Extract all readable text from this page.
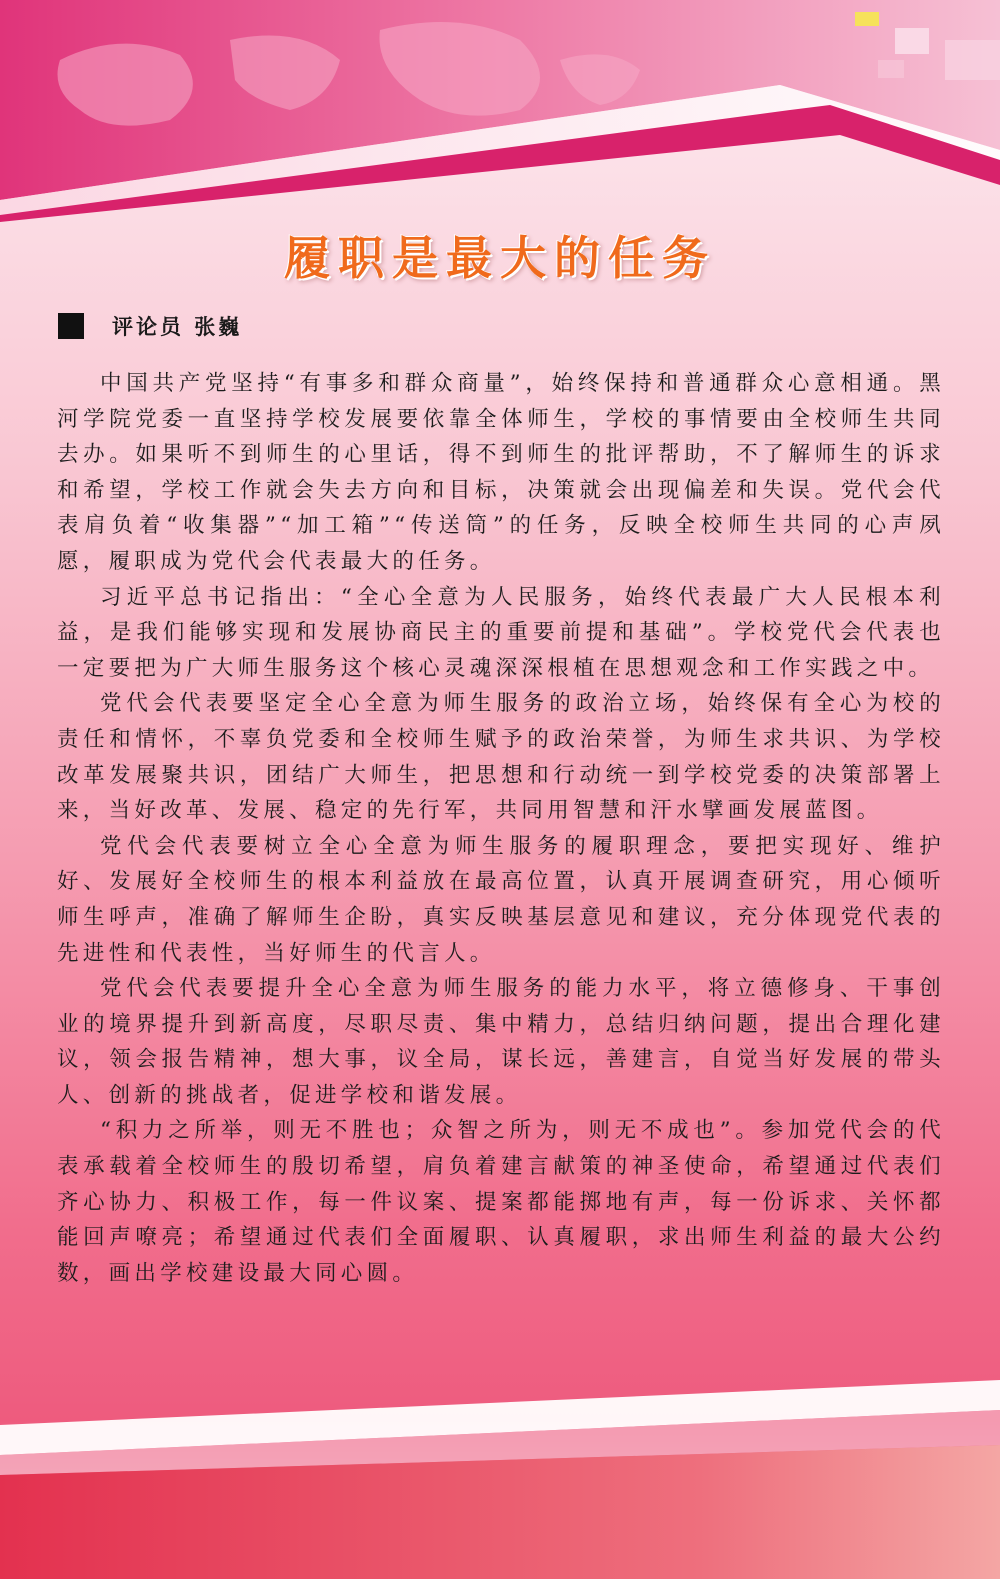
履职是最大的任务
评论员 张巍

中国共产党坚持“有事多和群众商量”，始终保持和普通群众心意相通。黑河学院党委一直坚持学校发展要依靠全体师生，学校的事情要由全校师生共同去办。如果听不到师生的心里话，得不到师生的批评帮助，不了解师生的诉求和希望，学校工作就会失去方向和目标，决策就会出现偏差和失误。党代会代表肩负着“收集器”“加工箱”“传送筒”的任务，反映全校师生共同的心声夙愿，履职成为党代会代表最大的任务。

习近平总书记指出：“全心全意为人民服务，始终代表最广大人民根本利益，是我们能够实现和发展协商民主的重要前提和基础”。学校党代会代表也一定要把为广大师生服务这个核心灵魂深深根植在思想观念和工作实践之中。

党代会代表要坚定全心全意为师生服务的政治立场，始终保有全心为校的责任和情怀，不辜负党委和全校师生赋予的政治荣誉，为师生求共识、为学校改革发展聚共识，团结广大师生，把思想和行动统一到学校党委的决策部署上来，当好改革、发展、稳定的先行军，共同用智慧和汗水擘画发展蓝图。

党代会代表要树立全心全意为师生服务的履职理念，要把实现好、维护好、发展好全校师生的根本利益放在最高位置，认真开展调查研究，用心倾听师生呼声，准确了解师生企盼，真实反映基层意见和建议，充分体现党代表的先进性和代表性，当好师生的代言人。

党代会代表要提升全心全意为师生服务的能力水平，将立德修身、干事创业的境界提升到新高度，尽职尽责、集中精力，总结归纳问题，提出合理化建议，领会报告精神，想大事，议全局，谋长远，善建言，自觉当好发展的带头人、创新的挑战者，促进学校和谐发展。

“积力之所举，则无不胜也；众智之所为，则无不成也”。参加党代会的代表承载着全校师生的殷切希望，肩负着建言献策的神圣使命，希望通过代表们齐心协力、积极工作，每一件议案、提案都能掷地有声，每一份诉求、关怀都能回声嘹亮；希望通过代表们全面履职、认真履职，求出师生利益的最大公约数，画出学校建设最大同心圆。
